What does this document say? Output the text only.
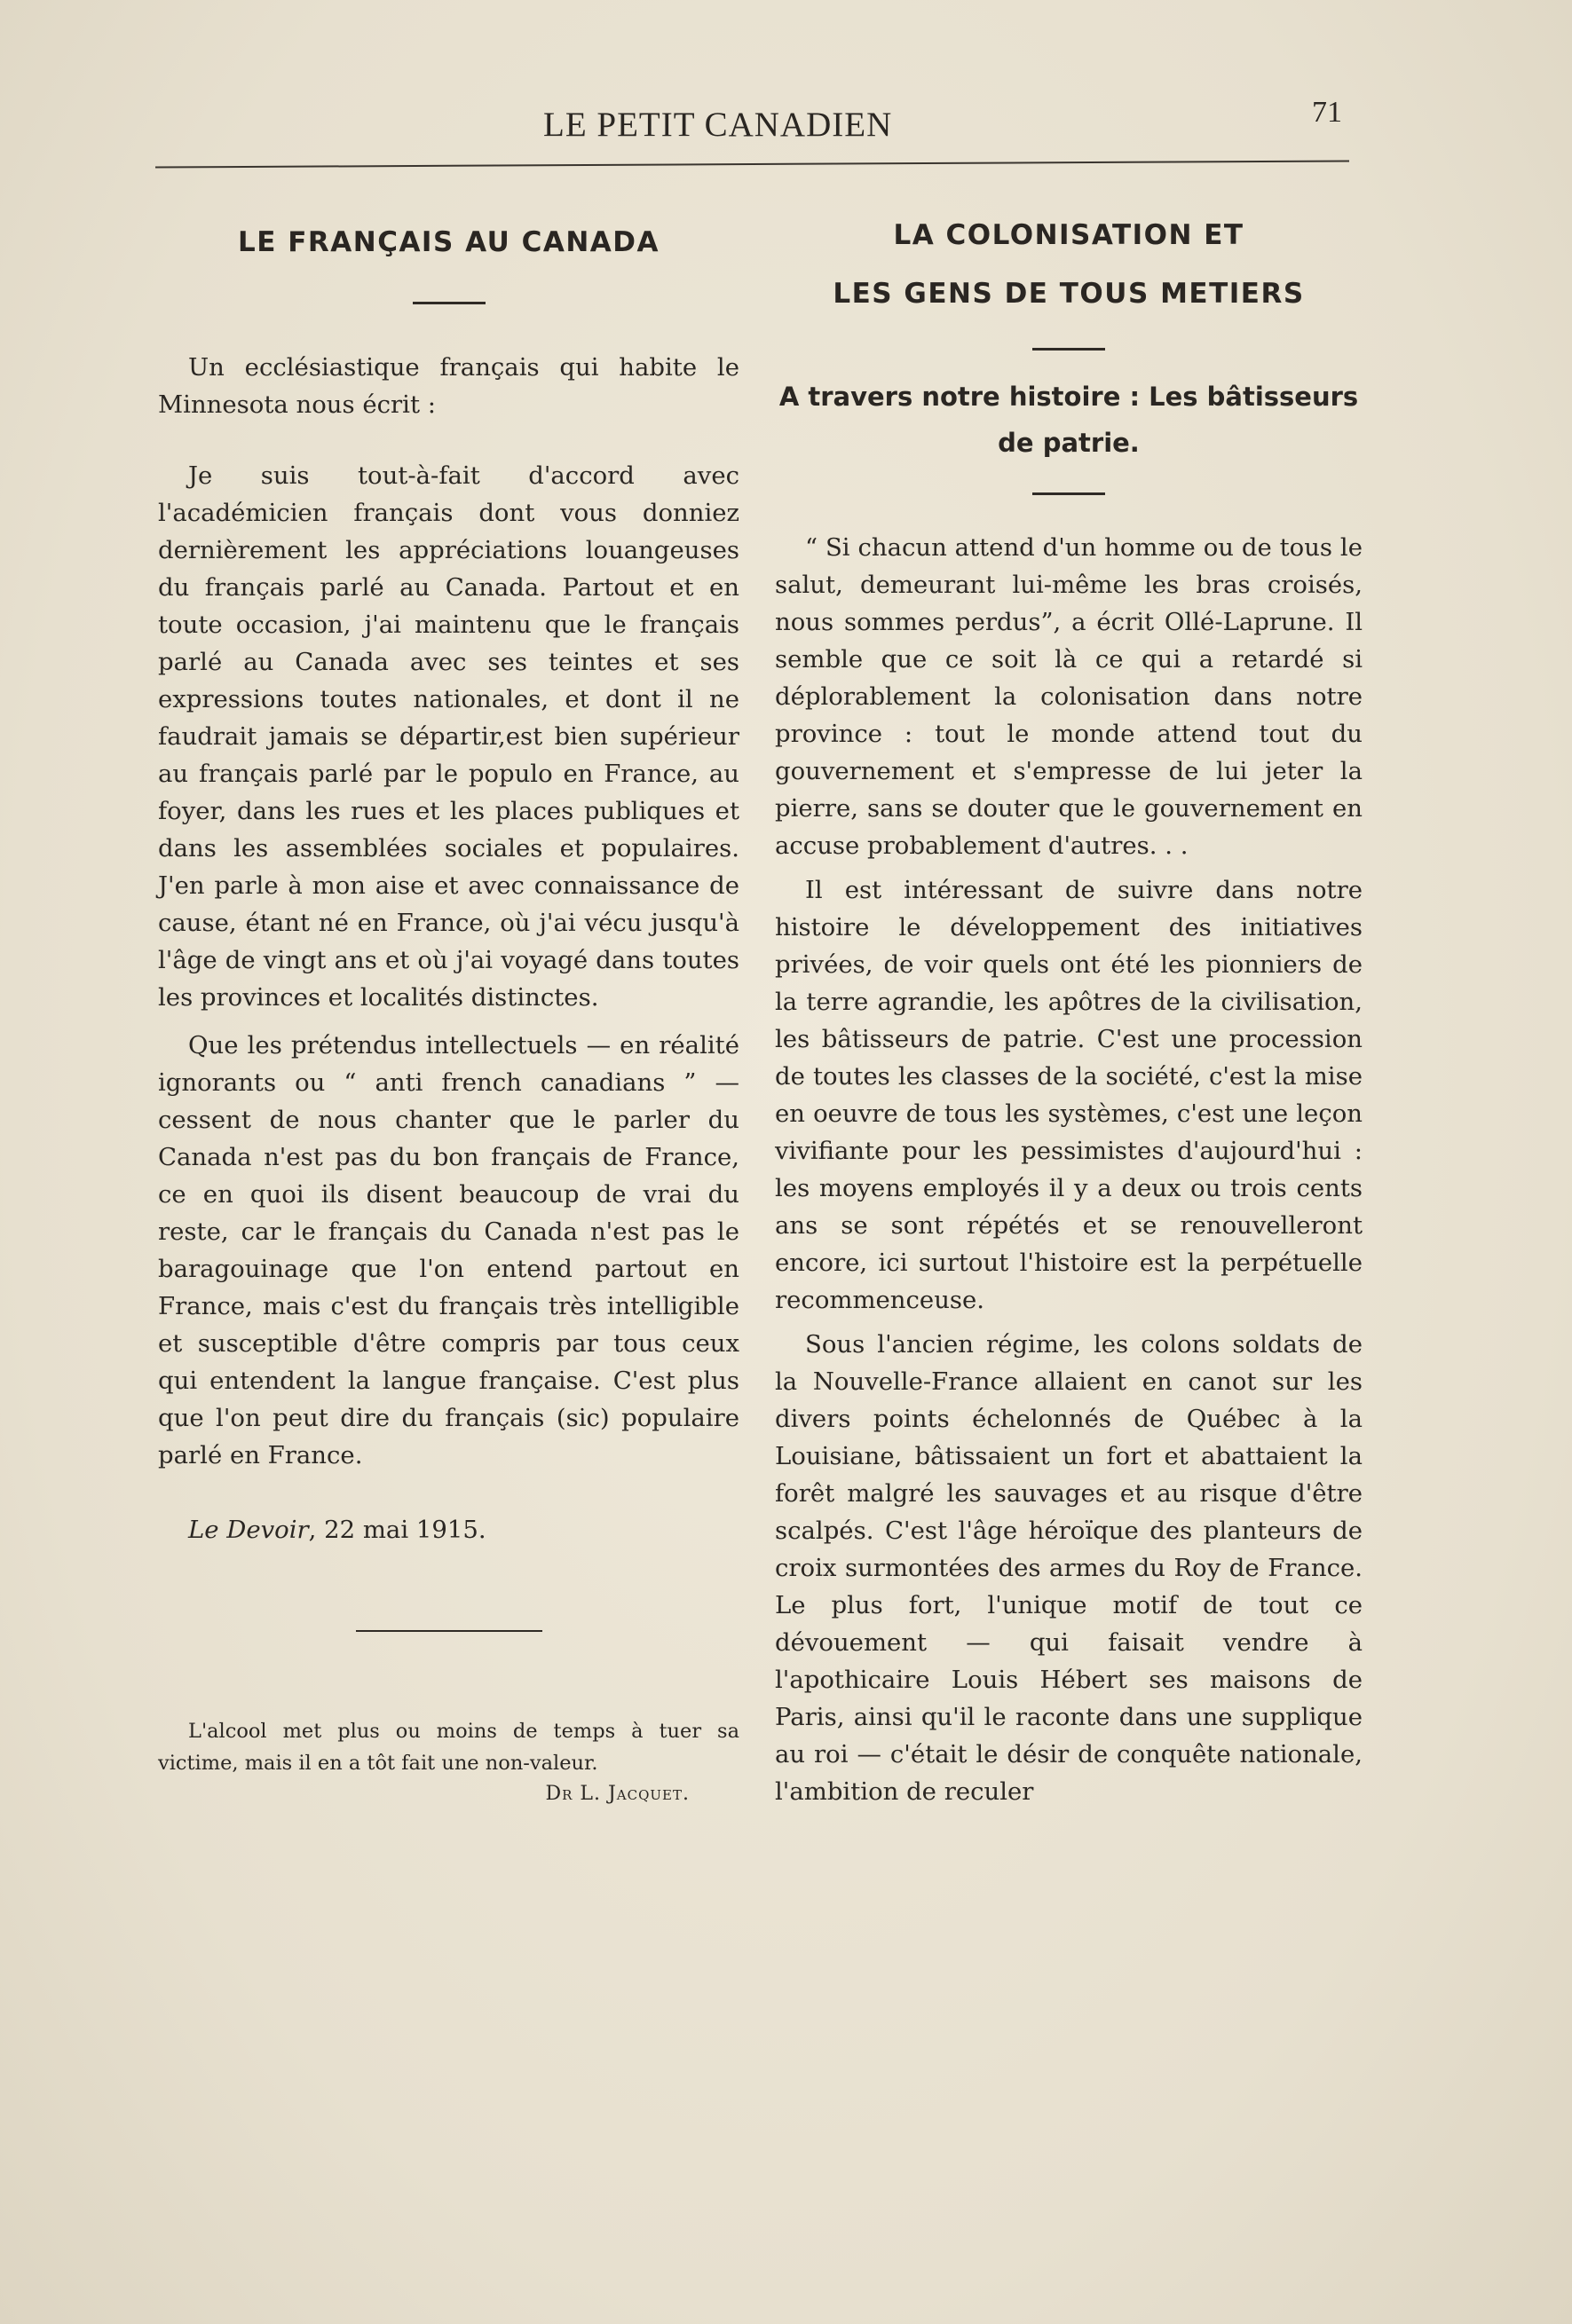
LE PETIT CANADIEN	71
LE FRANÇAIS AU CANADA

Un ecclésiastique français qui habite le Minnesota nous écrit :

Je suis tout-à-fait d'accord avec l'académicien français dont vous donniez dernièrement les appréciations louangeuses du français parlé au Canada. Partout et en toute occasion, j'ai maintenu que le français parlé au Canada avec ses teintes et ses expressions toutes nationales, et dont il ne faudrait jamais se départir,est bien supérieur au français parlé par le populo en France, au foyer, dans les rues et les places publiques et dans les assemblées sociales et populaires. J'en parle à mon aise et avec connaissance de cause, étant né en France, où j'ai vécu jusqu'à l'âge de vingt ans et où j'ai voyagé dans toutes les provinces et localités distinctes.

Que les prétendus intellectuels — en réalité ignorants ou “ anti french canadians ” — cessent de nous chanter que le parler du Canada n'est pas du bon français de France, ce en quoi ils disent beaucoup de vrai du reste, car le français du Canada n'est pas le baragouinage que l'on entend partout en France, mais c'est du français très intelligible et susceptible d'être compris par tous ceux qui entendent la langue française. C'est plus que l'on peut dire du français (sic) populaire parlé en France.

Le Devoir, 22 mai 1915.

L'alcool met plus ou moins de temps à tuer sa victime, mais il en a tôt fait une non-valeur.

Dr L. Jacquet.

LA COLONISATION ET
LES GENS DE TOUS METIERS

A travers notre histoire : Les bâtisseurs de patrie.

“ Si chacun attend d'un homme ou de tous le salut, demeurant lui-même les bras croisés, nous sommes perdus”, a écrit Ollé-Laprune. Il semble que ce soit là ce qui a retardé si déplorablement la colonisation dans notre province : tout le monde attend tout du gouvernement et s'empresse de lui jeter la pierre, sans se douter que le gouvernement en accuse probablement d'autres. . .

Il est intéressant de suivre dans notre histoire le développement des initiatives privées, de voir quels ont été les pionniers de la terre agrandie, les apôtres de la civilisation, les bâtisseurs de patrie. C'est une procession de toutes les classes de la société, c'est la mise en oeuvre de tous les systèmes, c'est une leçon vivifiante pour les pessimistes d'aujourd'hui : les moyens employés il y a deux ou trois cents ans se sont répétés et se renouvelleront encore, ici surtout l'histoire est la perpétuelle recommenceuse.

Sous l'ancien régime, les colons soldats de la Nouvelle-France allaient en canot sur les divers points échelonnés de Québec à la Louisiane, bâtissaient un fort et abattaient la forêt malgré les sauvages et au risque d'être scalpés. C'est l'âge héroïque des planteurs de croix surmontées des armes du Roy de France. Le plus fort, l'unique motif de tout ce dévouement — qui faisait vendre à l'apothicaire Louis Hébert ses maisons de Paris, ainsi qu'il le raconte dans une supplique au roi — c'était le désir de conquête nationale, l'ambition de reculer
